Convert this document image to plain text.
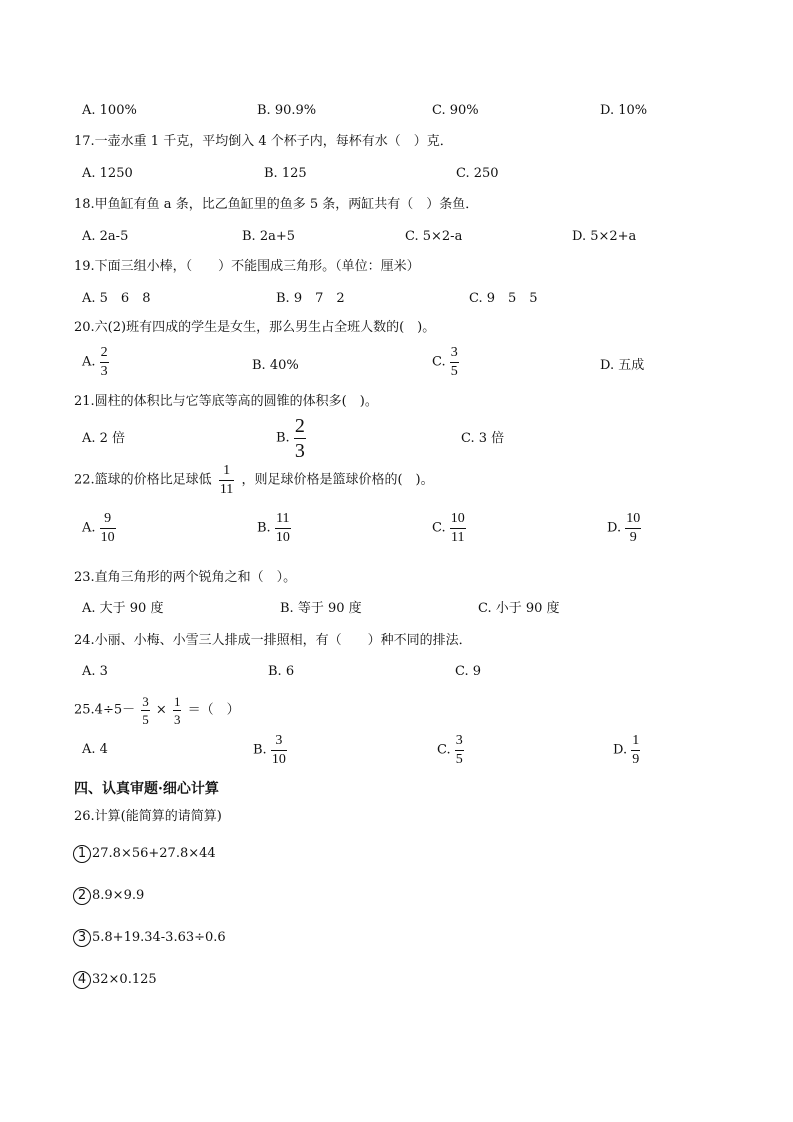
A. 100%	B. 90.9%	C. 90%	D. 10%
17.一壶水重 1 千克，平均倒入 4 个杯子内，每杯有水（　）克．
A. 1250	B. 125	C. 250
18.甲鱼缸有鱼 a 条，比乙鱼缸里的鱼多 5 条，两缸共有（　）条鱼．
A. 2a-5	B. 2a+5	C. 5×2-a	D. 5×2+a
19.下面三组小棒，（　　）不能围成三角形。（单位：厘米）
A. 5　6　8	B. 9　7　2	C. 9　5　5
20.六(2)班有四成的学生是女生，那么男生占全班人数的(　)。
A. $\frac{2}{3}$	B. 40%	C. $\frac{3}{5}$	D. 五成
21.圆柱的体积比与它等底等高的圆锥的体积多(　)。
A. 2 倍	B. $\frac{2}{3}$	C. 3 倍
22.篮球的价格比足球低 $\frac{1}{11}$ ，则足球价格是篮球价格的(　)。
A. $\frac{9}{10}$	B. $\frac{11}{10}$	C. $\frac{10}{11}$	D. $\frac{10}{9}$
23.直角三角形的两个锐角之和（　）。
A. 大于 90 度	B. 等于 90 度	C. 小于 90 度
24.小丽、小梅、小雪三人排成一排照相，有（　　）种不同的排法．
A. 3	B. 6	C. 9
$25.4\div 5- \frac{3}{5} \times \frac{1}{3}$ ＝（　）
A. 4	B. $\frac{3}{10}$	C. $\frac{3}{5}$	D. $\frac{1}{9}$
四、认真审题·细心计算
26.计算(能简算的请简算)
1 27.8×56+27.8×44
2 8.9×9.9
3 5.8+19.34-3.63÷0.6
4 32×0.125
